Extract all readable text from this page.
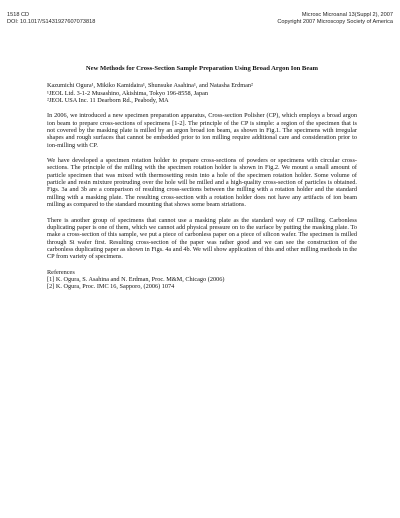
1518 CD
DOI: 10.1017/S1431927607073818
Microsc Microanal 13(Suppl 2), 2007
Copyright 2007 Microscopy Society of America
New Methods for Cross-Section Sample Preparation Using Broad Argon Ion Beam
Kazumichi Ogura¹, Mikiko Kamidaira¹, Shunsuke Asahina¹, and Natasha Erdman²
¹JEOL Ltd. 3-1-2 Musashino, Akishima, Tokyo 196-8558, Japan
²JEOL USA Inc. 11 Dearborn Rd., Peabody, MA

In 2006, we introduced a new specimen preparation apparatus, Cross-section Polisher (CP), which employs a broad argon ion beam to prepare cross-sections of specimens [1-2]. The principle of the CP is simple: a region of the specimen that is not covered by the masking plate is milled by an argon broad ion beam, as shown in Fig.1. The specimens with irregular shapes and rough surfaces that cannot be embedded prior to ion milling require additional care and consideration prior to ion-milling with CP.

We have developed a specimen rotation holder to prepare cross-sections of powders or specimens with circular cross-sections. The principle of the milling with the specimen rotation holder is shown in Fig.2. We mount a small amount of particle specimen that was mixed with thermosetting resin into a hole of the specimen rotation holder. Some volume of particle and resin mixture protruding over the hole will be milled and a high-quality cross-section of particles is obtained. Figs. 3a and 3b are a comparison of resulting cross-sections between the milling with a rotation holder and the standard milling with a masking plate. The resulting cross-section with a rotation holder does not have any artifacts of ion beam milling as compared to the standard mounting that shows some beam striations.

There is another group of specimens that cannot use a masking plate as the standard way of CP milling. Carbonless duplicating paper is one of them, which we cannot add physical pressure on to the surface by putting the masking plate. To make a cross-section of this sample, we put a piece of carbonless paper on a piece of silicon wafer. The specimen is milled through Si wafer first. Resulting cross-section of the paper was rather good and we can see the construction of the carbonless duplicating paper as shown in Figs. 4a and 4b. We will show application of this and other milling methods in the CP from variety of specimens.

References
[1] K. Ogura, S. Asahina and N. Erdman, Proc. M&M, Chicago (2006)
[2] K. Ogura, Proc. IMC 16, Sapporo, (2006) 1074
